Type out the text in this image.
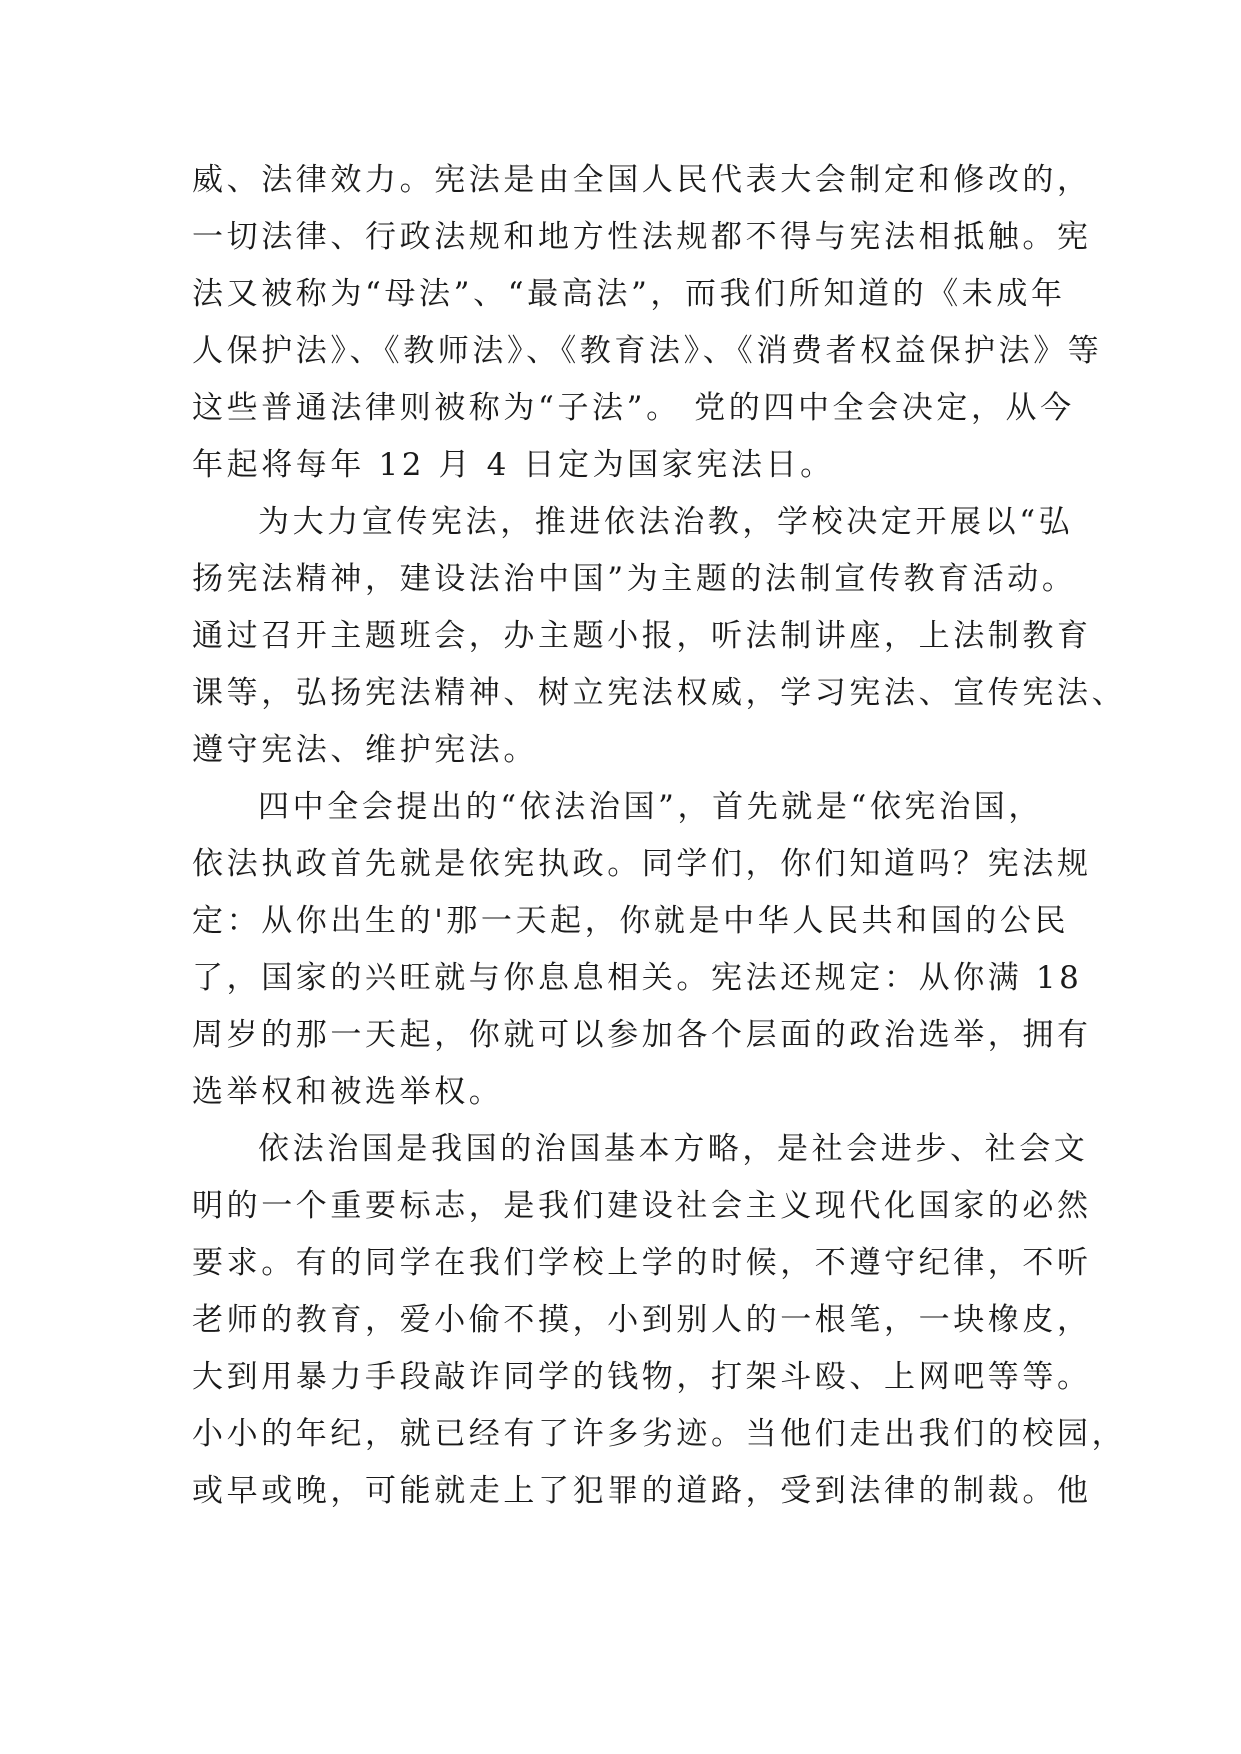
威、法律效力。宪法是由全国人民代表大会制定和修改的，
一切法律、行政法规和地方性法规都不得与宪法相抵触。宪
法又被称为“母法”、“最高法”，而我们所知道的《未成年
人保护法》、《教师法》、《教育法》、《消费者权益保护法》等
这些普通法律则被称为“子法”。 党的四中全会决定，从今
年起将每年 12 月 4 日定为国家宪法日。
为大力宣传宪法，推进依法治教，学校决定开展以“弘
扬宪法精神，建设法治中国”为主题的法制宣传教育活动。
通过召开主题班会，办主题小报，听法制讲座，上法制教育
课等，弘扬宪法精神、树立宪法权威，学习宪法、宣传宪法、
遵守宪法、维护宪法。
四中全会提出的“依法治国”，首先就是“依宪治国，
依法执政首先就是依宪执政。同学们，你们知道吗？宪法规
定：从你出生的'那一天起，你就是中华人民共和国的公民
了，国家的兴旺就与你息息相关。宪法还规定：从你满 18
周岁的那一天起，你就可以参加各个层面的政治选举，拥有
选举权和被选举权。
依法治国是我国的治国基本方略，是社会进步、社会文
明的一个重要标志，是我们建设社会主义现代化国家的必然
要求。有的同学在我们学校上学的时候，不遵守纪律，不听
老师的教育，爱小偷不摸，小到别人的一根笔，一块橡皮，
大到用暴力手段敲诈同学的钱物，打架斗殴、上网吧等等。
小小的年纪，就已经有了许多劣迹。当他们走出我们的校园，
或早或晚，可能就走上了犯罪的道路，受到法律的制裁。他
